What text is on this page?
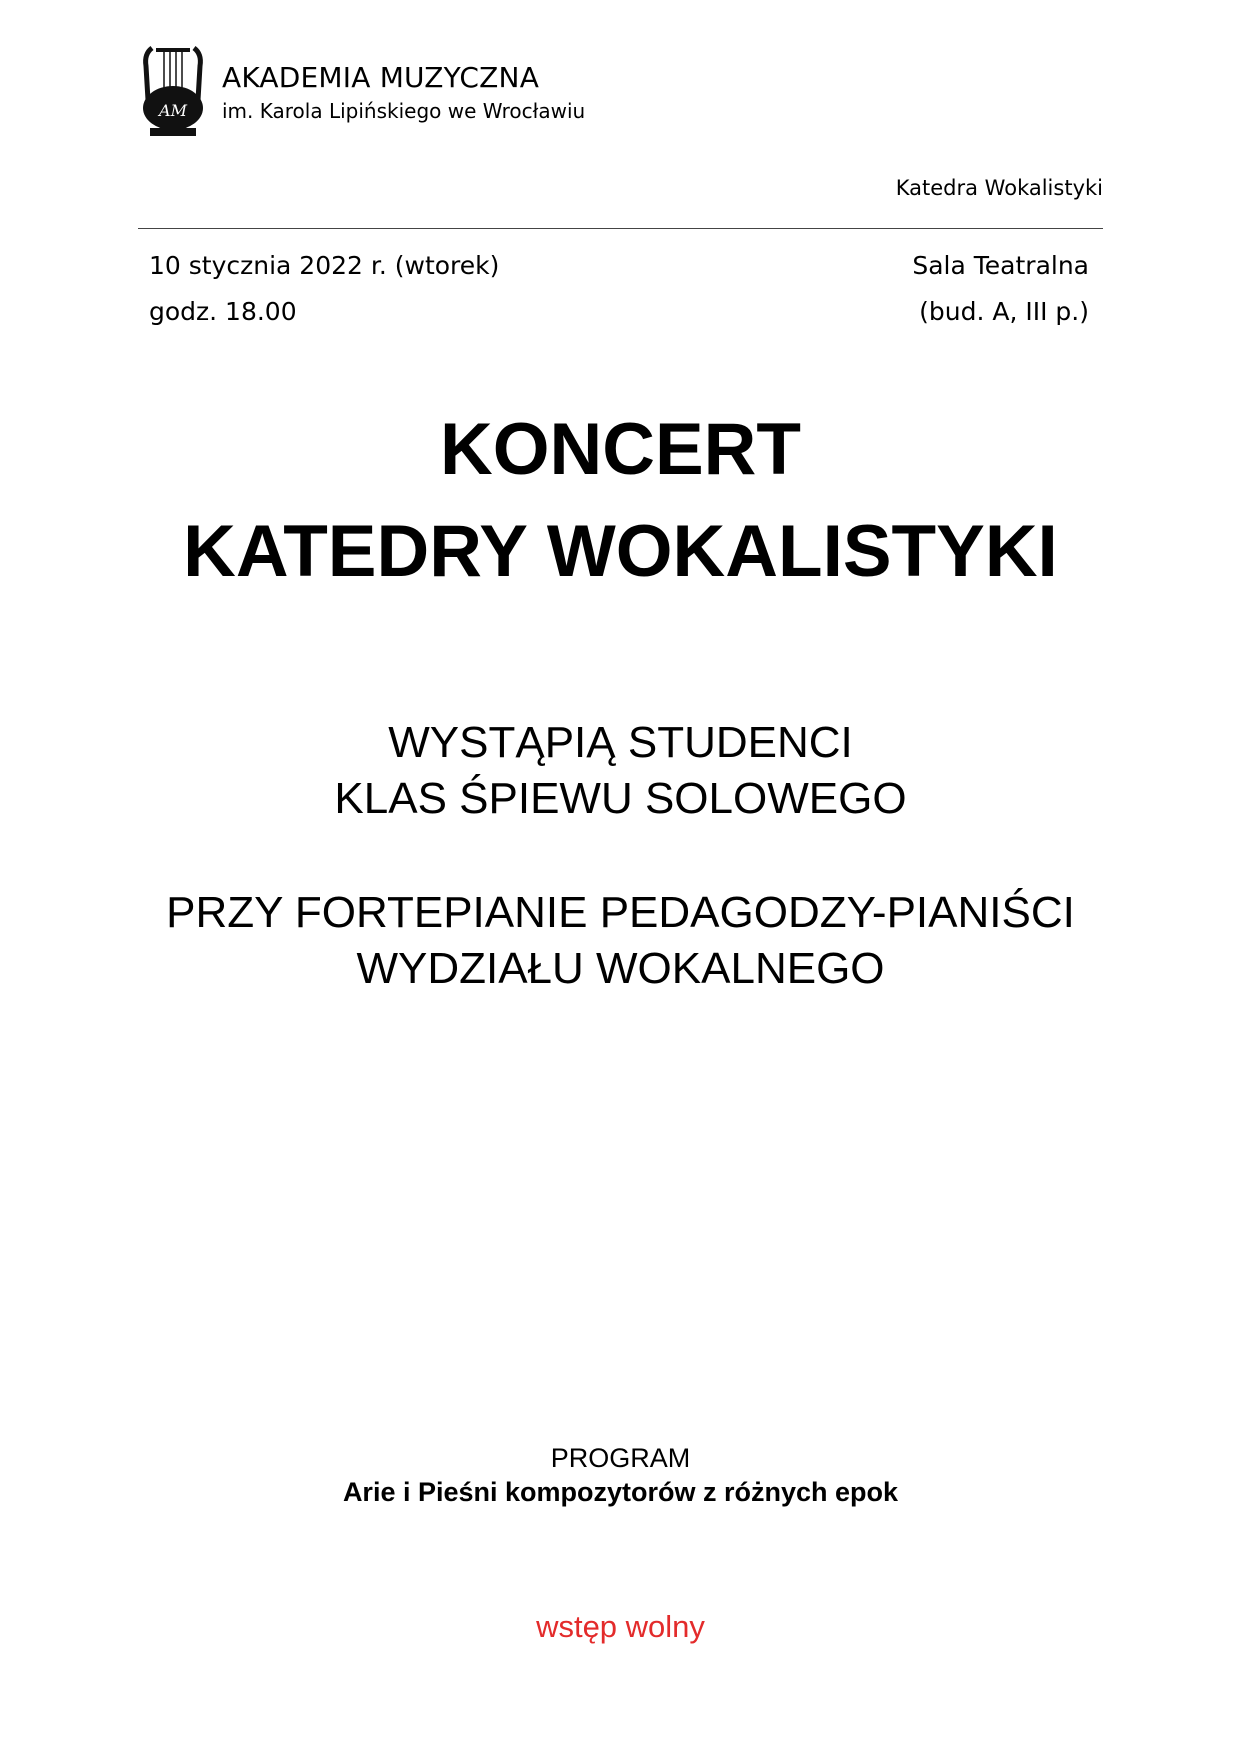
AM
AKADEMIA MUZYCZNA
im. Karola Lipińskiego we Wrocławiu
Katedra Wokalistyki
10 stycznia 2022 r. (wtorek)
godz. 18.00
Sala Teatralna
(bud. A, III p.)
KONCERT
KATEDRY WOKALISTYKI
WYSTĄPIĄ STUDENCI
KLAS ŚPIEWU SOLOWEGO
PRZY FORTEPIANIE PEDAGODZY-PIANIŚCI
WYDZIAŁU WOKALNEGO
PROGRAM
Arie i Pieśni kompozytorów z różnych epok
wstęp wolny
